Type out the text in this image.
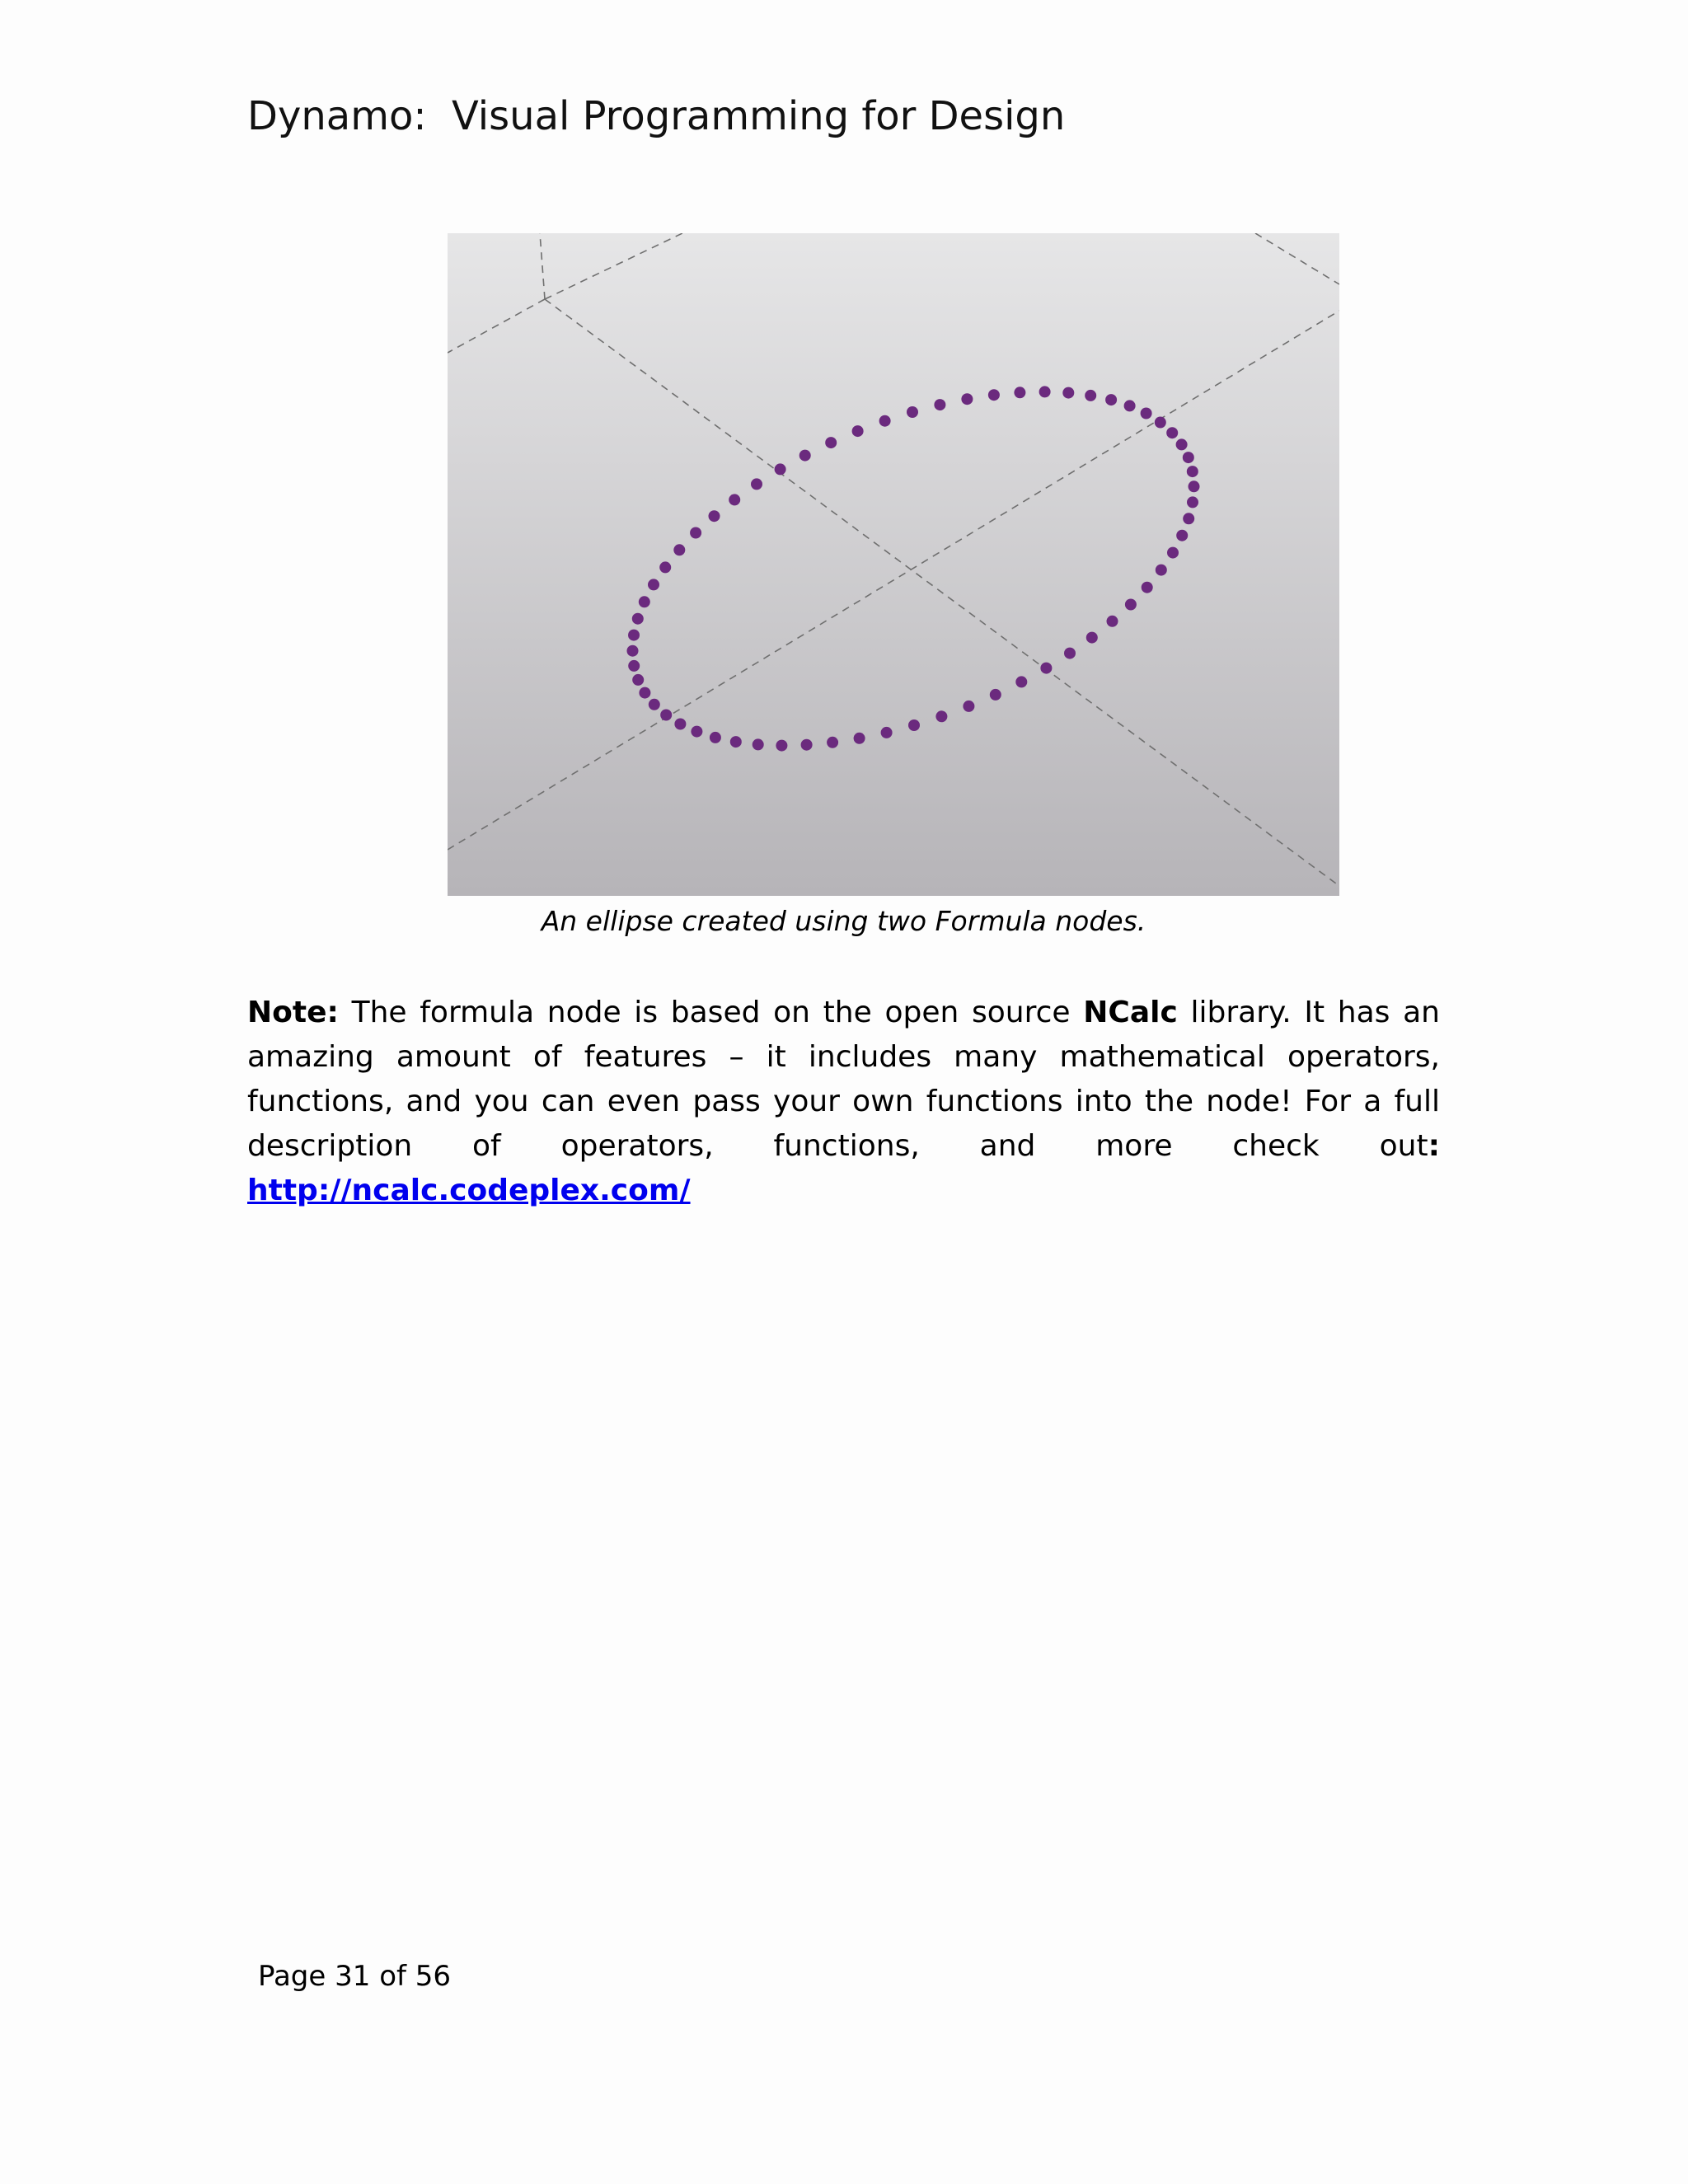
Dynamo:  Visual Programming for Design
An ellipse created using two Formula nodes.
Note: The formula node is based on the open source NCalc library. It has an amazing amount of features – it includes many mathematical operators, functions, and you can even pass your own functions into the node! For a full description of operators, functions, and more check out: http://ncalc.codeplex.com/
Page 31 of 56
